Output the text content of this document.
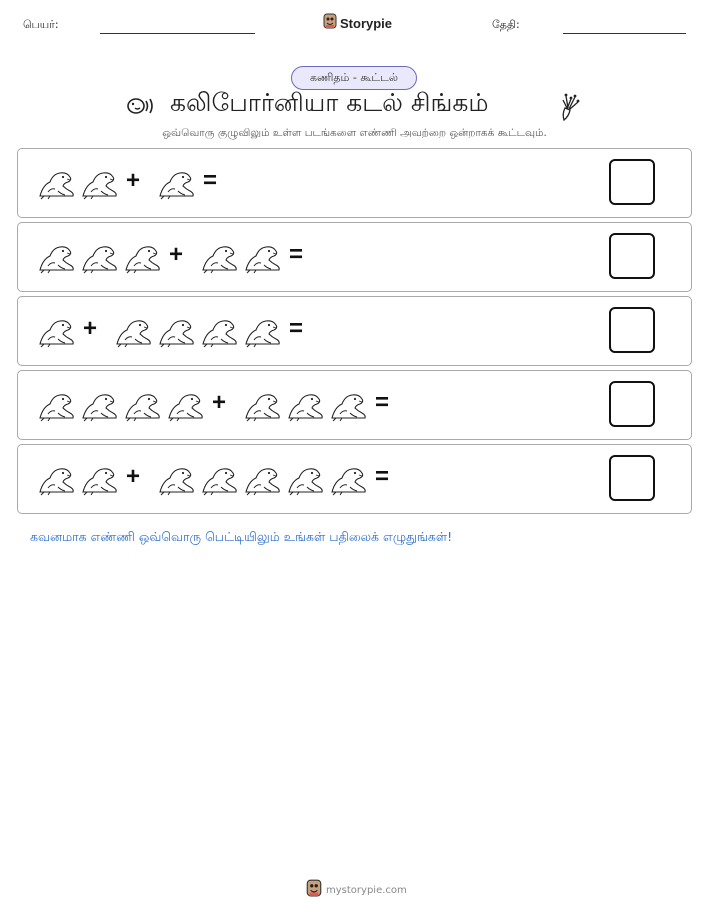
பெயர்:	Storypie	தேதி:
கணிதம் - கூட்டல்
கலிபோர்னியா கடல் சிங்கம்
ஒவ்வொரு குழுவிலும் உள்ள படங்களை எண்ணி அவற்றை ஒன்றாகக் கூட்டவும்.
+	=
+	=
+	=
+	=
+	=
கவனமாக எண்ணி ஒவ்வொரு பெட்டியிலும் உங்கள் பதிலைக் எழுதுங்கள்!
mystorypie.com
